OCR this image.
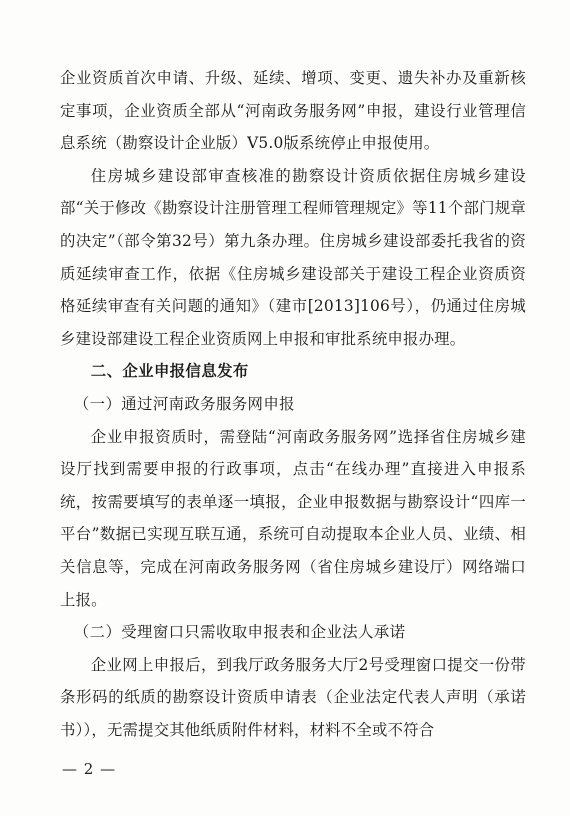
企业资质首次申请、升级、延续、增项、变更、遗失补办及重新核定事项，企业资质全部从“河南政务服务网”申报，建设行业管理信息系统（勘察设计企业版）V5.0版系统停止申报使用。

住房城乡建设部审查核准的勘察设计资质依据住房城乡建设部“关于修改《勘察设计注册管理工程师管理规定》等11个部门规章的决定”（部令第32号）第九条办理。住房城乡建设部委托我省的资质延续审查工作，依据《住房城乡建设部关于建设工程企业资质资格延续审查有关问题的通知》（建市[2013]106号），仍通过住房城乡建设部建设工程企业资质网上申报和审批系统申报办理。

二、企业申报信息发布

（一）通过河南政务服务网申报

企业申报资质时，需登陆“河南政务服务网”选择省住房城乡建设厅找到需要申报的行政事项，点击“在线办理”直接进入申报系统，按需要填写的表单逐一填报，企业申报数据与勘察设计“四库一平台”数据已实现互联互通，系统可自动提取本企业人员、业绩、相关信息等，完成在河南政务服务网（省住房城乡建设厅）网络端口上报。

（二）受理窗口只需收取申报表和企业法人承诺

企业网上申报后，到我厅政务服务大厅2号受理窗口提交一份带条形码的纸质的勘察设计资质申请表（企业法定代表人声明（承诺书）），无需提交其他纸质附件材料，材料不全或不符合

— 2 —
